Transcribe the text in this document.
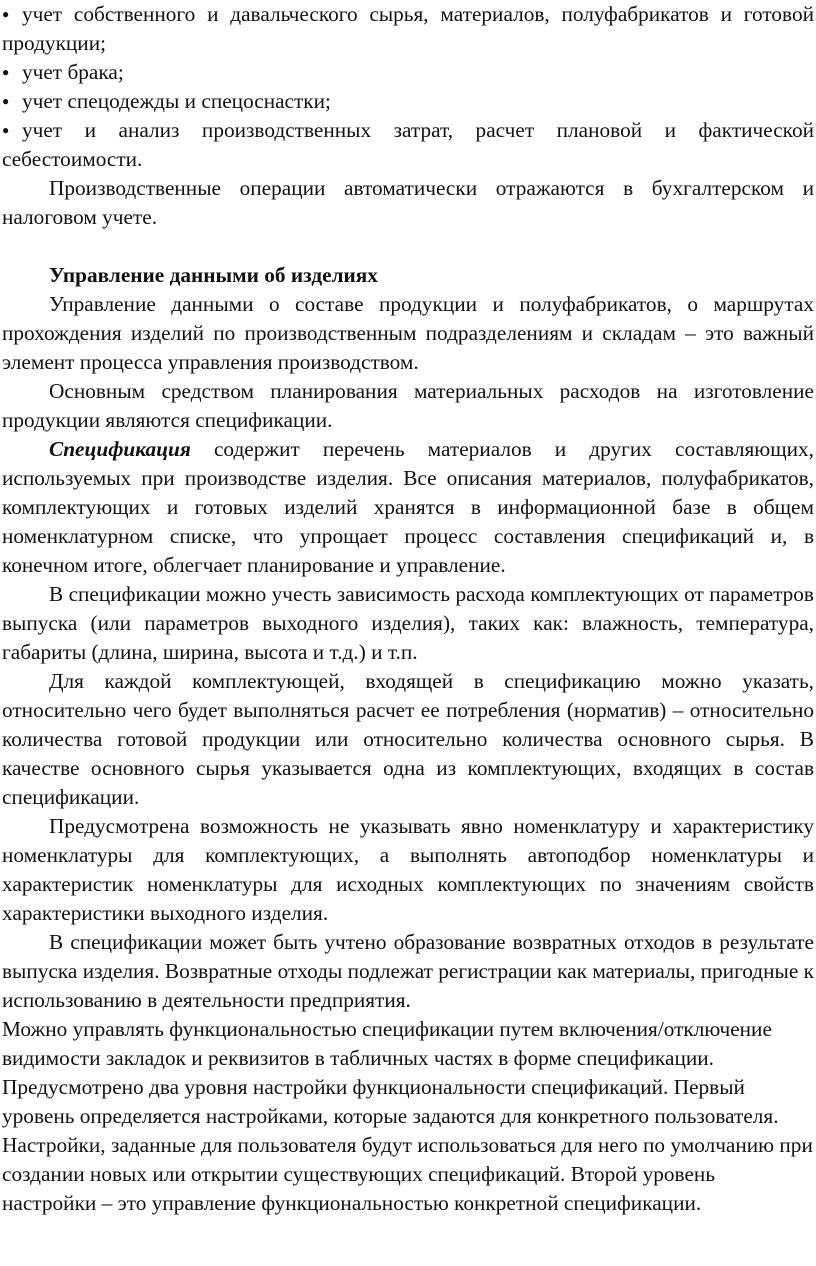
● учет собственного и давальческого сырья, материалов, полуфабрикатов и готовой продукции;

● учет брака;

● учет спецодежды и спецоснастки;

● учет и анализ производственных затрат, расчет плановой и фактической себестоимости.

Производственные операции автоматически отражаются в бухгалтерском и налоговом учете.

Управление данными об изделиях

Управление данными о составе продукции и полуфабрикатов, о маршрутах прохождения изделий по производственным подразделениям и складам – это важный элемент процесса управления производством.

Основным средством планирования материальных расходов на изготовление продукции являются спецификации.

Спецификация содержит перечень материалов и других составляющих, используемых при производстве изделия. Все описания материалов, полуфабрикатов, комплектующих и готовых изделий хранятся в информационной базе в общем номенклатурном списке, что упрощает процесс составления спецификаций и, в конечном итоге, облегчает планирование и управление.

В спецификации можно учесть зависимость расхода комплектующих от параметров выпуска (или параметров выходного изделия), таких как: влажность, температура, габариты (длина, ширина, высота и т.д.) и т.п.

Для каждой комплектующей, входящей в спецификацию можно указать, относительно чего будет выполняться расчет ее потребления (норматив) – относительно количества готовой продукции или относительно количества основного сырья. В качестве основного сырья указывается одна из комплектующих, входящих в состав спецификации.

Предусмотрена возможность не указывать явно номенклатуру и характеристику номенклатуры для комплектующих, а выполнять автоподбор номенклатуры и характеристик номенклатуры для исходных комплектующих по значениям свойств характеристики выходного изделия.

В спецификации может быть учтено образование возвратных отходов в результате выпуска изделия. Возвратные отходы подлежат регистрации как материалы, пригодные к использованию в деятельности предприятия.

Можно управлять функциональностью спецификации путем включения/отключение видимости закладок и реквизитов в табличных частях в форме спецификации. Предусмотрено два уровня настройки функциональности спецификаций. Первый уровень определяется настройками, которые задаются для конкретного пользователя. Настройки, заданные для пользователя будут использоваться для него по умолчанию при создании новых или открытии существующих спецификаций. Второй уровень настройки – это управление функциональностью конкретной спецификации.
